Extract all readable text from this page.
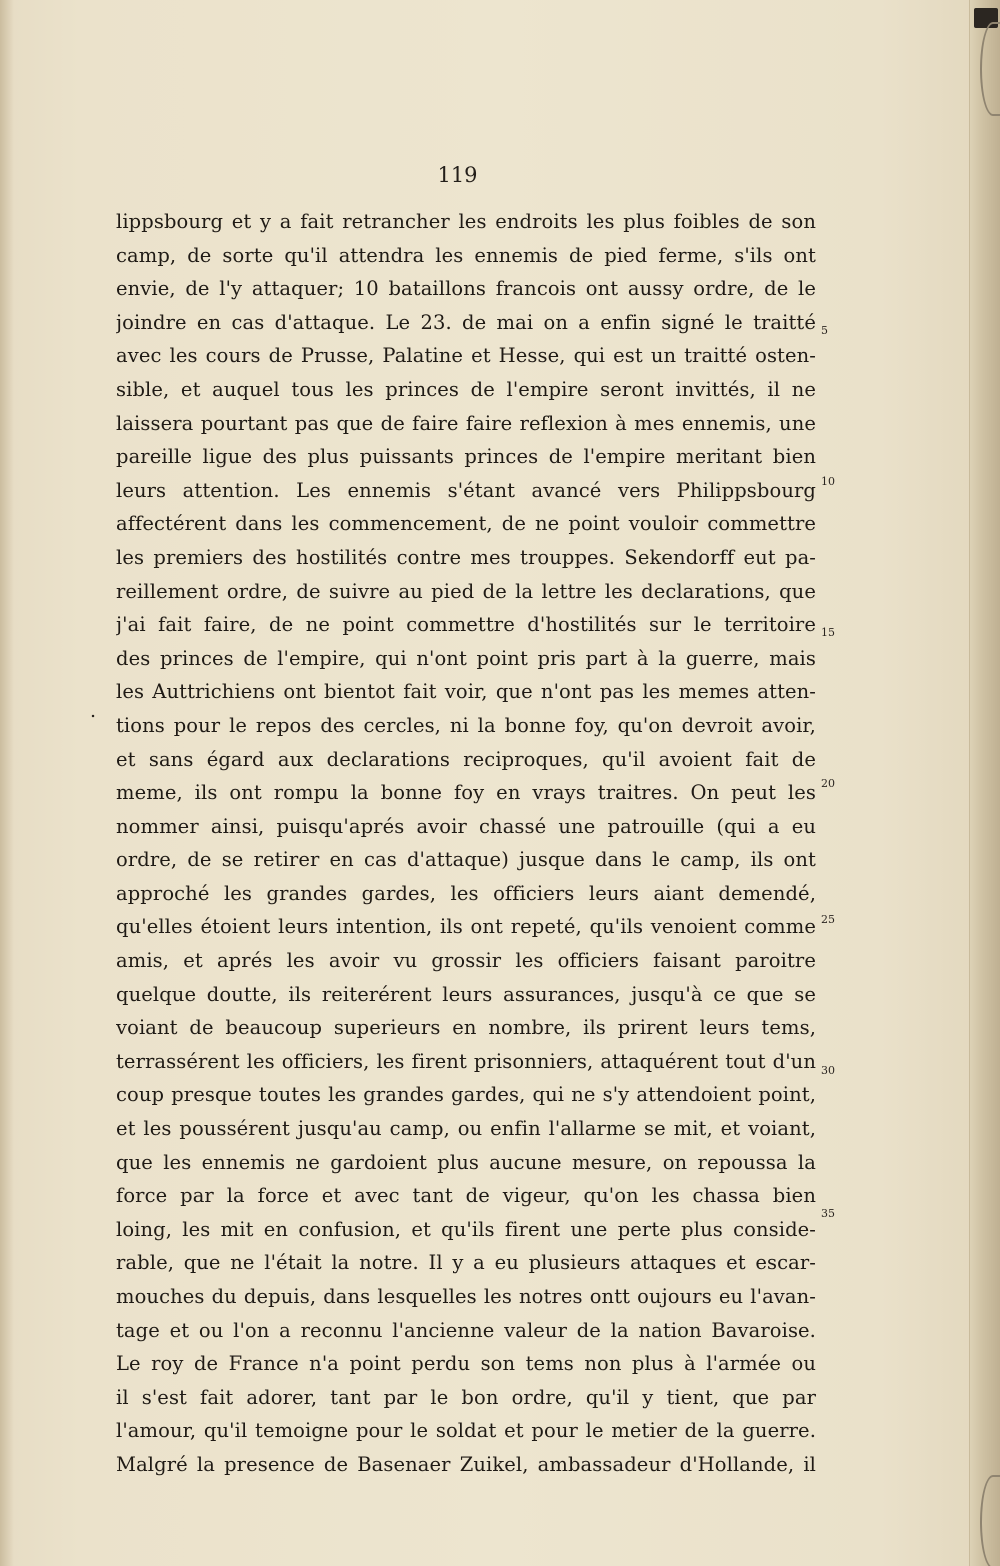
119
lippsbourg et y a fait retrancher les endroits les plus foibles de son
camp, de sorte qu'il attendra les ennemis de pied ferme, s'ils ont
envie, de l'y attaquer; 10 bataillons francois ont aussy ordre, de le
joindre en cas d'attaque. Le 23. de mai on a enfin signé le traitté
avec les cours de Prusse, Palatine et Hesse, qui est un traitté osten-
sible, et auquel tous les princes de l'empire seront invittés, il ne
laissera pourtant pas que de faire faire reflexion à mes ennemis, une
pareille ligue des plus puissants princes de l'empire meritant bien
leurs attention. Les ennemis s'étant avancé vers Philippsbourg
affectérent dans les commencement, de ne point vouloir commettre
les premiers des hostilités contre mes trouppes. Sekendorff eut pa-
reillement ordre, de suivre au pied de la lettre les declarations, que
j'ai fait faire, de ne point commettre d'hostilités sur le territoire
des princes de l'empire, qui n'ont point pris part à la guerre, mais
les Auttrichiens ont bientot fait voir, que n'ont pas les memes atten-
tions pour le repos des cercles, ni la bonne foy, qu'on devroit avoir,
et sans égard aux declarations reciproques, qu'il avoient fait de
meme, ils ont rompu la bonne foy en vrays traitres. On peut les
nommer ainsi, puisqu'aprés avoir chassé une patrouille (qui a eu
ordre, de se retirer en cas d'attaque) jusque dans le camp, ils ont
approché les grandes gardes, les officiers leurs aiant demendé,
qu'elles étoient leurs intention, ils ont repeté, qu'ils venoient comme
amis, et aprés les avoir vu grossir les officiers faisant paroitre
quelque doutte, ils reiterérent leurs assurances, jusqu'à ce que se
voiant de beaucoup superieurs en nombre, ils prirent leurs tems,
terrassérent les officiers, les firent prisonniers, attaquérent tout d'un
coup presque toutes les grandes gardes, qui ne s'y attendoient point,
et les poussérent jusqu'au camp, ou enfin l'allarme se mit, et voiant,
que les ennemis ne gardoient plus aucune mesure, on repoussa la
force par la force et avec tant de vigeur, qu'on les chassa bien
loing, les mit en confusion, et qu'ils firent une perte plus conside-
rable, que ne l'était la notre. Il y a eu plusieurs attaques et escar-
mouches du depuis, dans lesquelles les notres ontt oujours eu l'avan-
tage et ou l'on a reconnu l'ancienne valeur de la nation Bavaroise.
Le roy de France n'a point perdu son tems non plus à l'armée ou
il s'est fait adorer, tant par le bon ordre, qu'il y tient, que par
l'amour, qu'il temoigne pour le soldat et pour le metier de la guerre.
Malgré la presence de Basenaer Zuikel, ambassadeur d'Hollande, il
.
5
10
15
20
25
30
35
